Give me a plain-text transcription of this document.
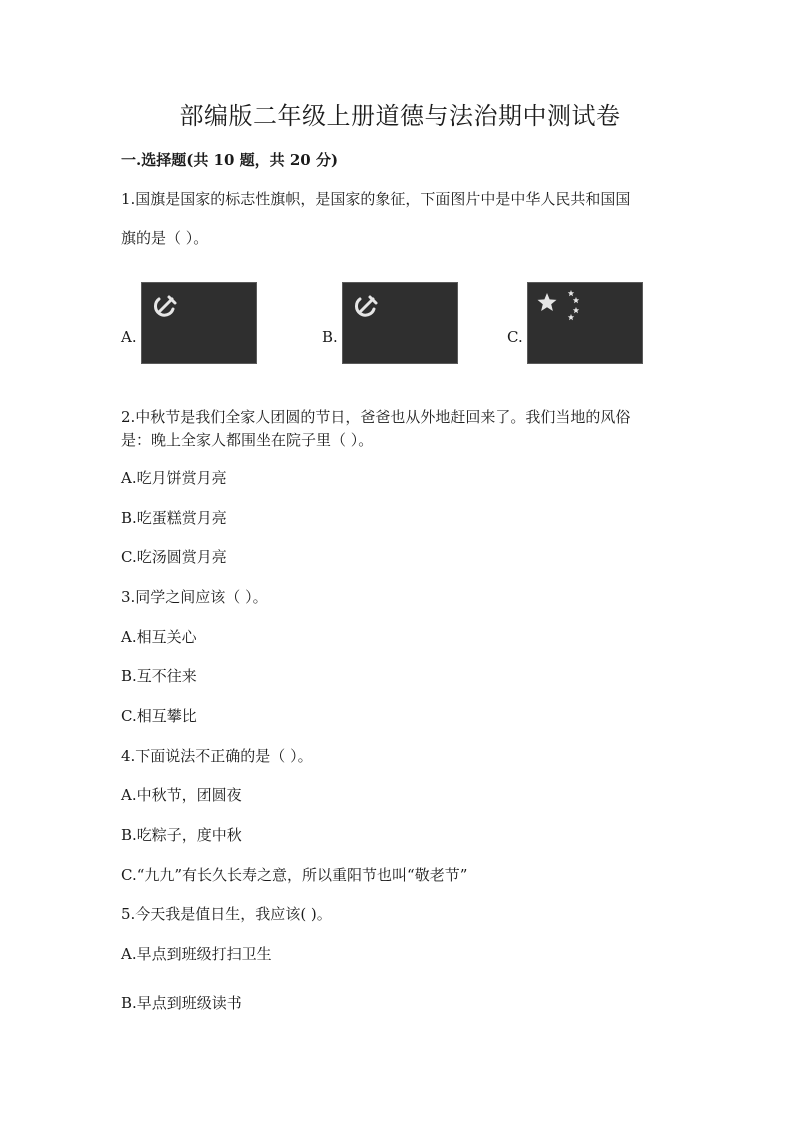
部编版二年级上册道德与法治期中测试卷
一.选择题(共 10 题，共 20 分)
1.国旗是国家的标志性旗帜，是国家的象征，下面图片中是中华人民共和国国
旗的是（ ）。
A.	B.	C.
2.中秋节是我们全家人团圆的节日，爸爸也从外地赶回来了。我们当地的风俗
是：晚上全家人都围坐在院子里（ ）。
A.吃月饼赏月亮
B.吃蛋糕赏月亮
C.吃汤圆赏月亮
3.同学之间应该（ ）。
A.相互关心
B.互不往来
C.相互攀比
4.下面说法不正确的是（ ）。
A.中秋节，团圆夜
B.吃粽子，度中秋
C.“九九”有长久长寿之意，所以重阳节也叫“敬老节”
5.今天我是值日生，我应该( )。
A.早点到班级打扫卫生
B.早点到班级读书
